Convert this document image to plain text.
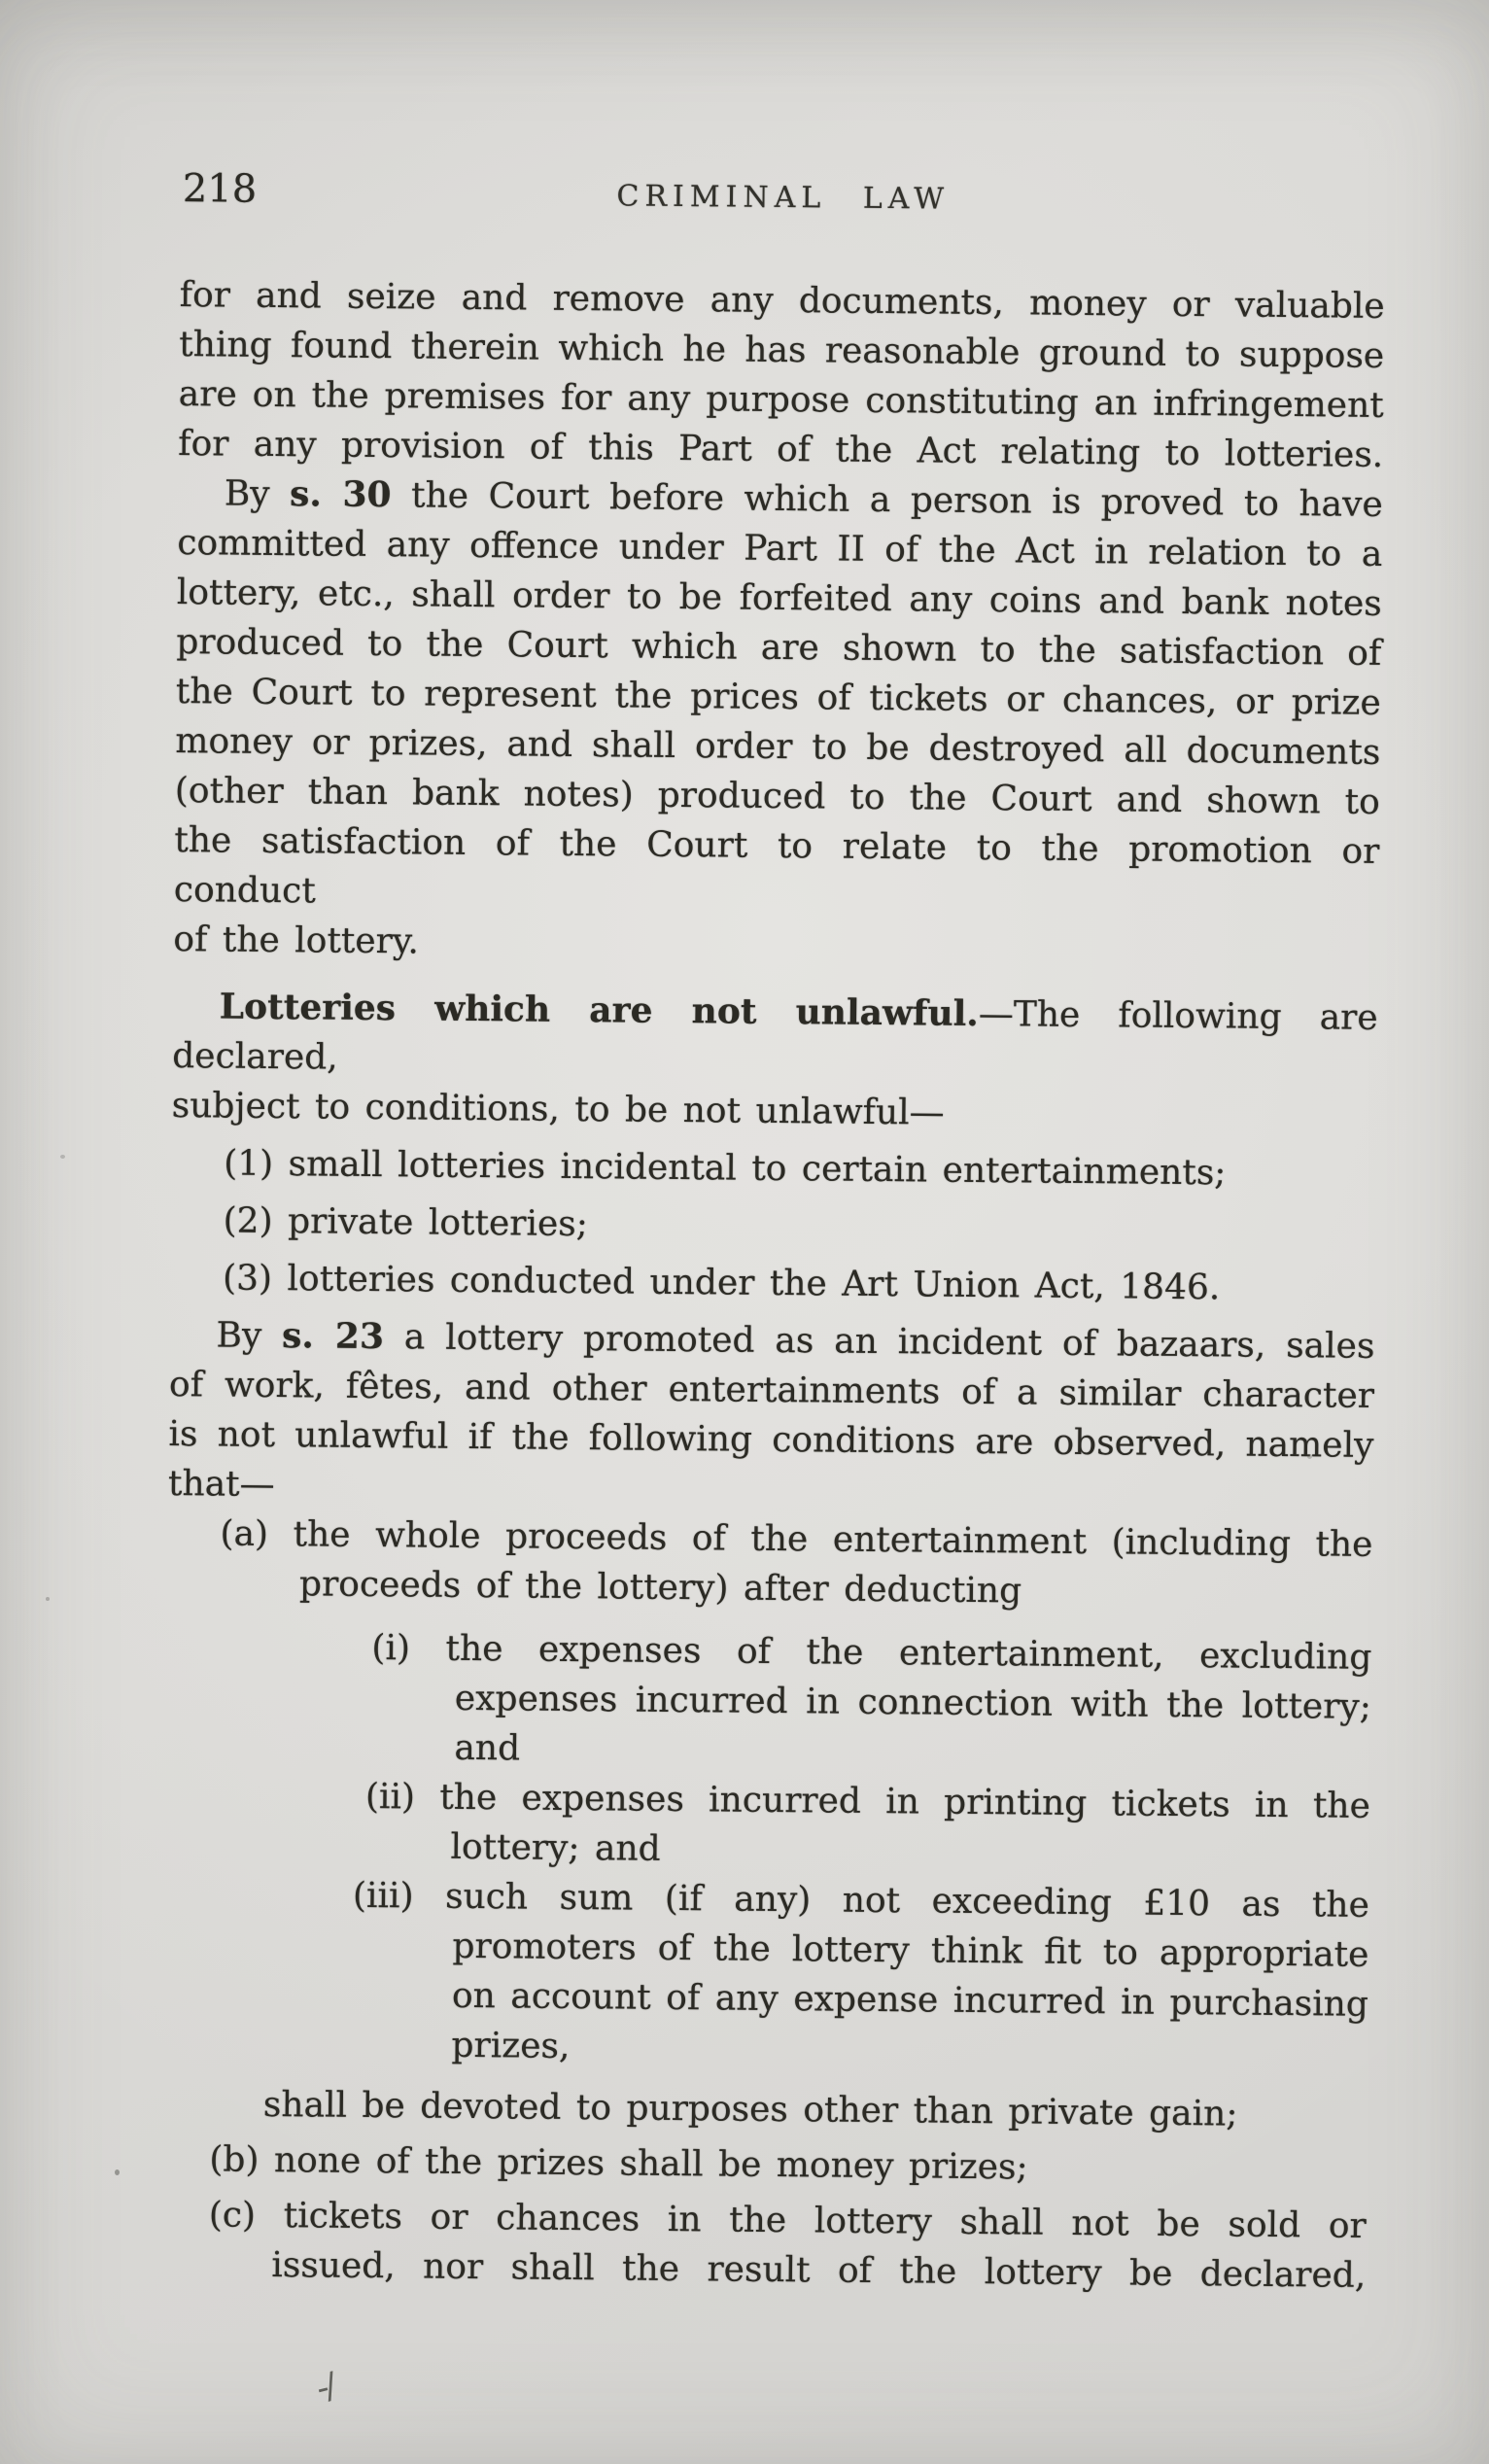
218	CRIMINAL LAW
for and seize and remove any documents, money or valuable
thing found therein which he has reasonable ground to suppose
are on the premises for any purpose constituting an infringement
for any provision of this Part of the Act relating to lotteries.
By s. 30 the Court before which a person is proved to have
committed any offence under Part II of the Act in relation to a
lottery, etc., shall order to be forfeited any coins and bank notes
produced to the Court which are shown to the satisfaction of
the Court to represent the prices of tickets or chances, or prize
money or prizes, and shall order to be destroyed all documents
(other than bank notes) produced to the Court and shown to
the satisfaction of the Court to relate to the promotion or conduct
of the lottery.
Lotteries which are not unlawful.—The following are declared,
subject to conditions, to be not unlawful—
(1) small lotteries incidental to certain entertainments;
(2) private lotteries;
(3) lotteries conducted under the Art Union Act, 1846.
By s. 23 a lottery promoted as an incident of bazaars, sales
of work, fêtes, and other entertainments of a similar character
is not unlawful if the following conditions are observed, namely
that—
(a) the whole proceeds of the entertainment (including the
proceeds of the lottery) after deducting
(i) the expenses of the entertainment, excluding
expenses incurred in connection with the lottery;
and
(ii) the expenses incurred in printing tickets in the
lottery; and
(iii) such sum (if any) not exceeding £10 as the
promoters of the lottery think fit to appropriate
on account of any expense incurred in purchasing
prizes,
shall be devoted to purposes other than private gain;
(b) none of the prizes shall be money prizes;
(c) tickets or chances in the lottery shall not be sold or
issued, nor shall the result of the lottery be declared,
-/
